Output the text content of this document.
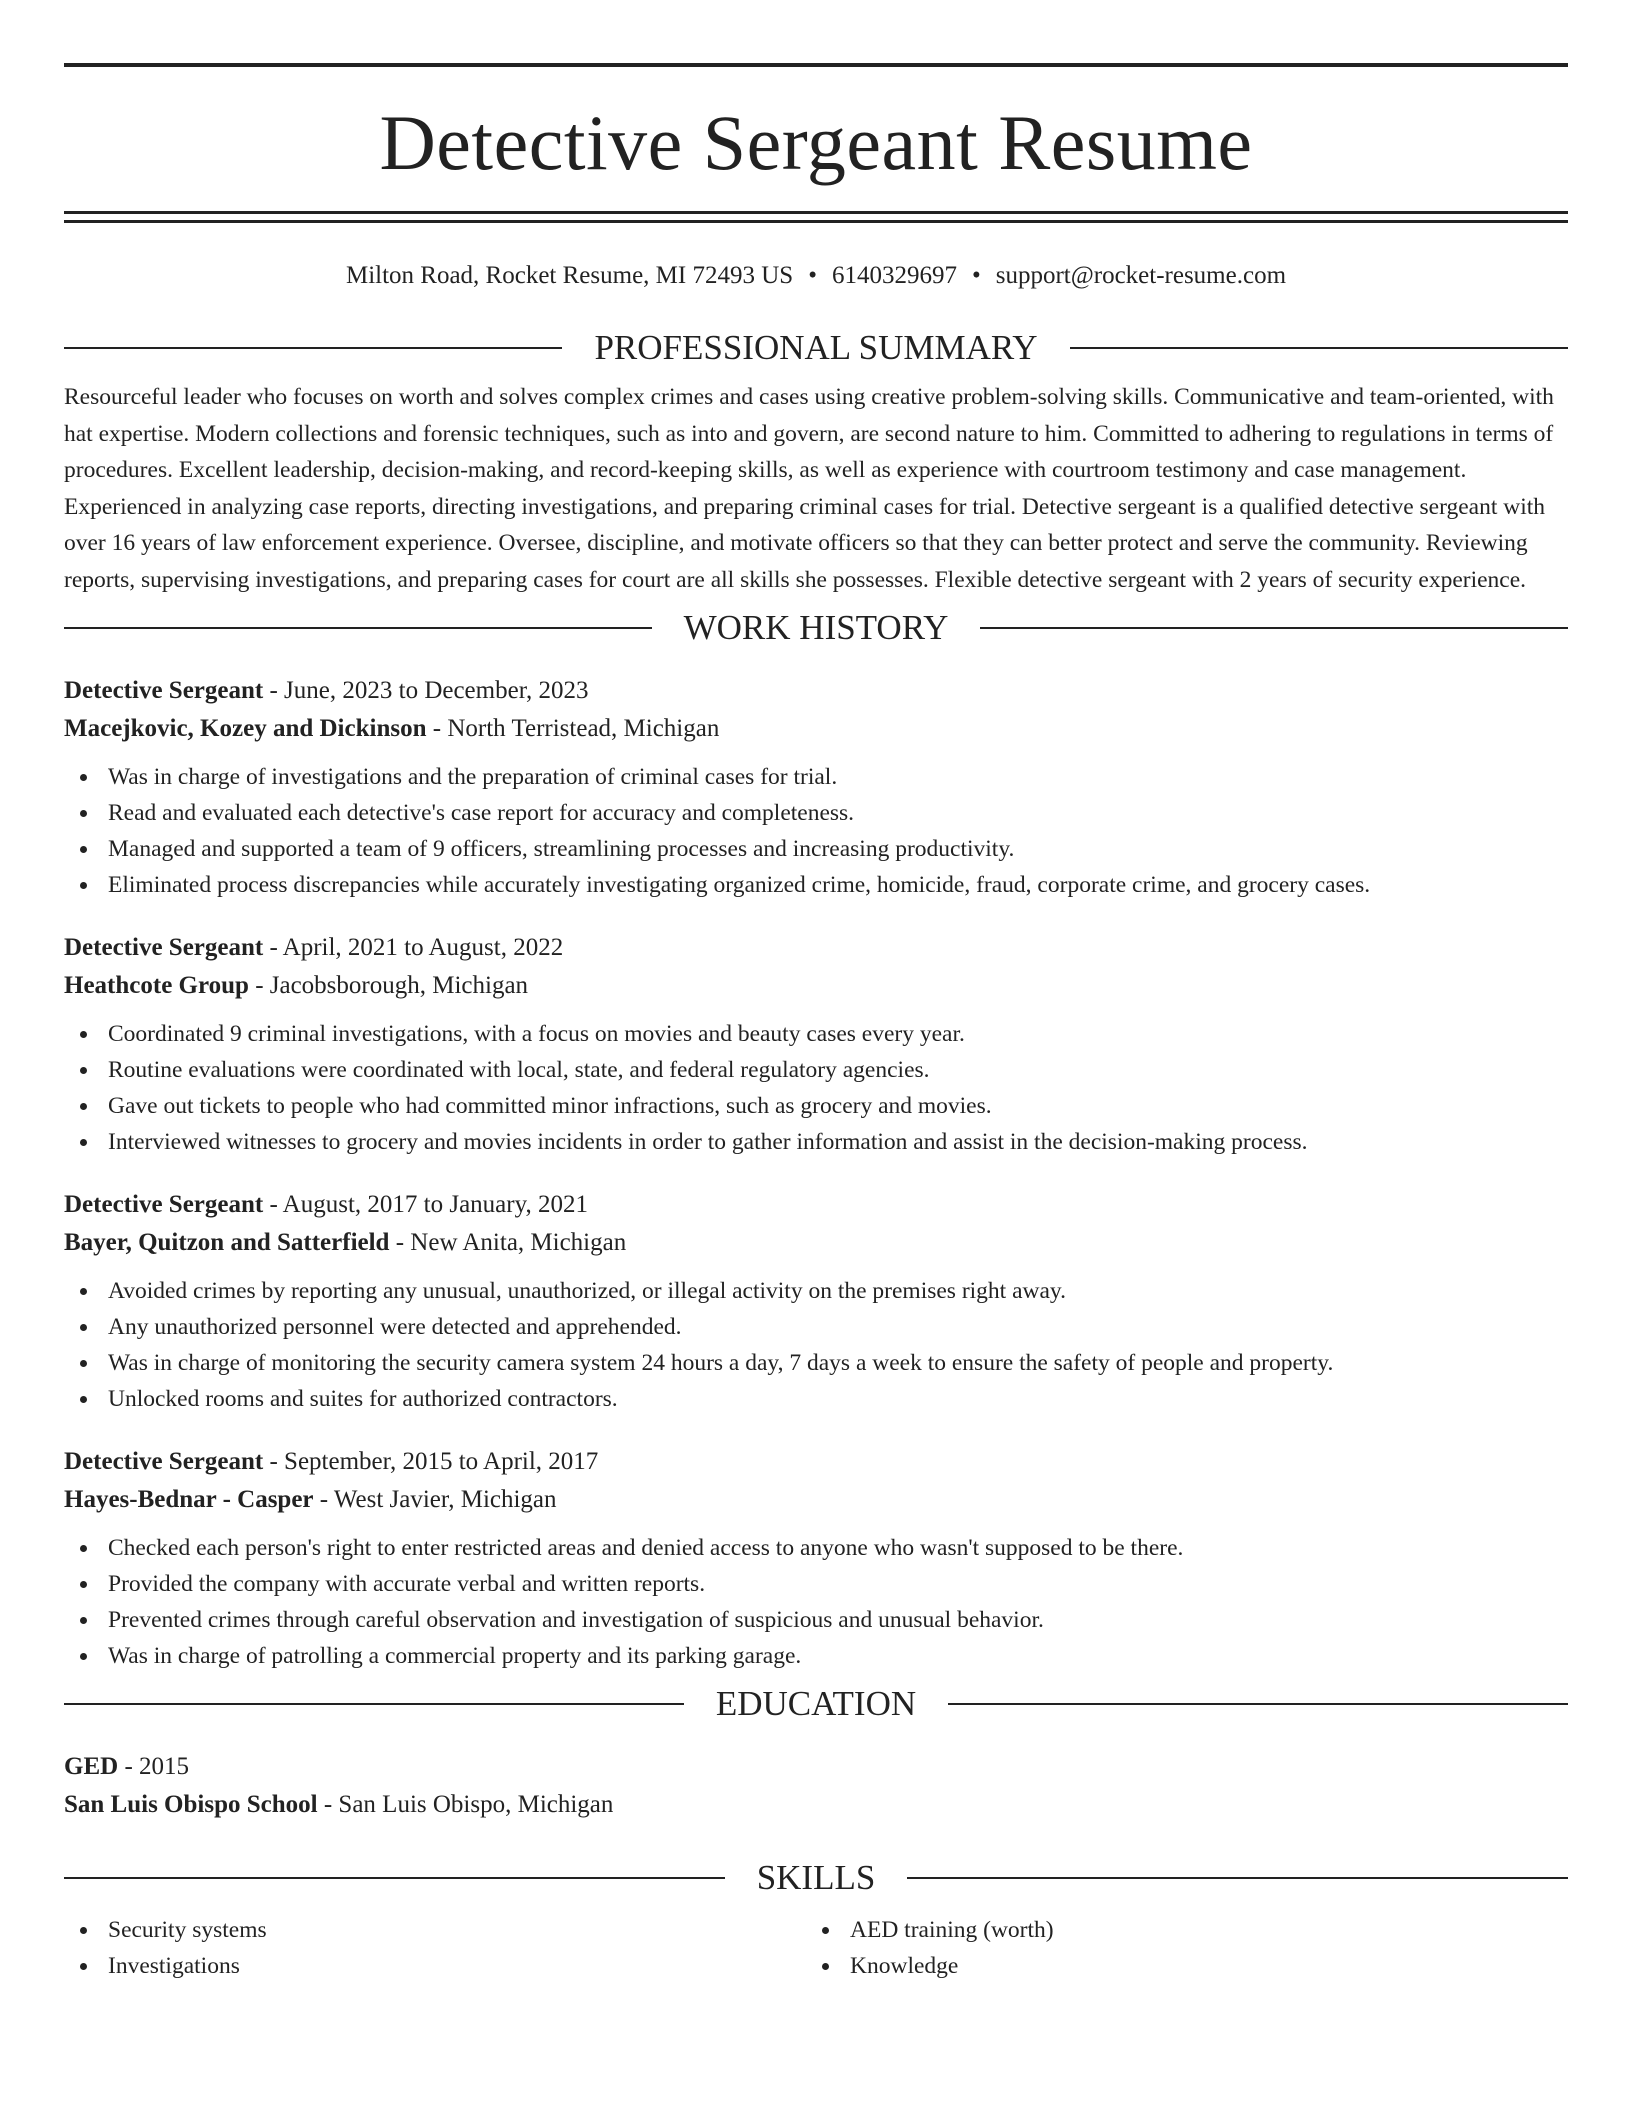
Detective Sergeant Resume
Milton Road, Rocket Resume, MI 72493 US • 6140329697 • support@rocket-resume.com
PROFESSIONAL SUMMARY
Resourceful leader who focuses on worth and solves complex crimes and cases using creative problem-solving skills. Communicative and team-oriented, with hat expertise. Modern collections and forensic techniques, such as into and govern, are second nature to him. Committed to adhering to regulations in terms of procedures. Excellent leadership, decision-making, and record-keeping skills, as well as experience with courtroom testimony and case management. Experienced in analyzing case reports, directing investigations, and preparing criminal cases for trial. Detective sergeant is a qualified detective sergeant with over 16 years of law enforcement experience. Oversee, discipline, and motivate officers so that they can better protect and serve the community. Reviewing reports, supervising investigations, and preparing cases for court are all skills she possesses. Flexible detective sergeant with 2 years of security experience.
WORK HISTORY
Detective Sergeant - June, 2023 to December, 2023
Macejkovic, Kozey and Dickinson - North Terristead, Michigan
Was in charge of investigations and the preparation of criminal cases for trial.
Read and evaluated each detective's case report for accuracy and completeness.
Managed and supported a team of 9 officers, streamlining processes and increasing productivity.
Eliminated process discrepancies while accurately investigating organized crime, homicide, fraud, corporate crime, and grocery cases.
Detective Sergeant - April, 2021 to August, 2022
Heathcote Group - Jacobsborough, Michigan
Coordinated 9 criminal investigations, with a focus on movies and beauty cases every year.
Routine evaluations were coordinated with local, state, and federal regulatory agencies.
Gave out tickets to people who had committed minor infractions, such as grocery and movies.
Interviewed witnesses to grocery and movies incidents in order to gather information and assist in the decision-making process.
Detective Sergeant - August, 2017 to January, 2021
Bayer, Quitzon and Satterfield - New Anita, Michigan
Avoided crimes by reporting any unusual, unauthorized, or illegal activity on the premises right away.
Any unauthorized personnel were detected and apprehended.
Was in charge of monitoring the security camera system 24 hours a day, 7 days a week to ensure the safety of people and property.
Unlocked rooms and suites for authorized contractors.
Detective Sergeant - September, 2015 to April, 2017
Hayes-Bednar - Casper - West Javier, Michigan
Checked each person's right to enter restricted areas and denied access to anyone who wasn't supposed to be there.
Provided the company with accurate verbal and written reports.
Prevented crimes through careful observation and investigation of suspicious and unusual behavior.
Was in charge of patrolling a commercial property and its parking garage.
EDUCATION
GED - 2015
San Luis Obispo School - San Luis Obispo, Michigan
SKILLS
Security systems
Investigations
AED training (worth)
Knowledge
